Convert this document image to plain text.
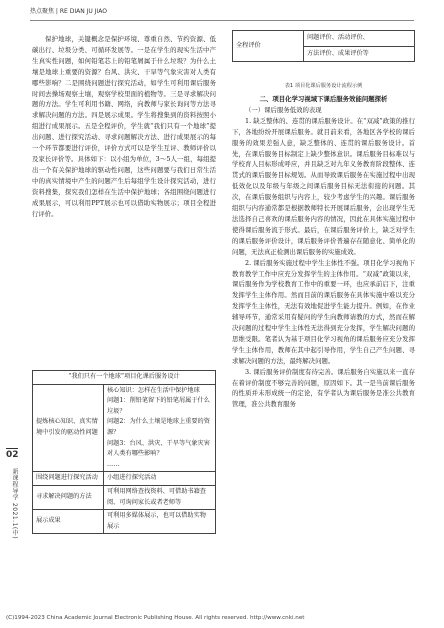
热点聚焦 | RE DIAN JU JIAO
02
新课程导学 2021.1(中)

保护地球，关键概念是保护环境、尊重自然、节约资源、低碳出行、垃圾分类、可循环发展等。一是在学生的现实生活中产生真实性问题，如何铅笔芯上的铅笔屑属于什么垃圾？为什么土壤是地球上重要的资源？台风、洪灾、干旱等气象灾害对人类有哪些影响？二是围绕问题进行探究活动，如学生可利用课后服务时间去操场观察土壤，观察学校里面的植物等。三是寻求解决问题的方法。学生可利用书籍、网络，向教师与家长询问等方法寻求解决问题的方法。四是展示成果。学生将搜集到的资料按照小组进行成果展示。五是全程评价，学生就“我们只有一个地球”提出问题、进行探究活动、寻求问题解决方法、进行成果展示的每一个环节都要进行评价，评价方式可以是学生互评、教师评价以及家长评价等。具体如下：以小组为单位，3～5人一组，每组提出一个有关保护地球的驱动性问题，这些问题要与我们日常生活中的真实情境中产生的问题产生后每组学生设计探究活动，进行资料搜集，探究我们怎样在生活中保护地球；各组围绕问题进行成果展示，可以利用PPT展示也可以借助实物展示；项目全程进行评价。

“我们只有一个地球”项目化课后服务设计	
提炼核心知识、真实情境中引发的驱动性问题	核心知识：怎样在生活中保护地球
问题1：削铅笔留下的铅笔屑属于什么垃圾？
问题2：为什么土壤是地球上重要的资源？
问题3：台风、洪灾、干旱等气象灾害对人类有哪些影响？
……
围绕问题进行探究活动	小组进行探究活动
寻求解决问题的方法	可利用网络查找资料、可借助书籍查阅、可询问家长或者老师等
展示成果	可利用多媒体展示，也可以借助实物展示
全程评价	问题评价、活动评价、
方法评价、成果评价等
表1 项目化课后服务设计流程示例

二、项目化学习视域下课后服务效能问题探析

（一）课后服务低效的表现

1. 缺乏整体的、连贯的课后服务设计。在“双减”政策的推行下，各地纷纷开展课后服务。就目前来看，各地区各学校的课后服务的效果差强人意，缺乏整体的、连贯的课后服务设计。首先，在课后服务目标制定上缺少整体意识。课后服务目标难以与学校育人目标形成呼应，并且缺乏对九年义务教育阶段整体、连贯式的课后服务目标规划。从而导致课后服务在实施过程中出现低效化以及年级与年级之间课后服务目标无法衔接的问题。其次，在课后服务组织与内容上，较少考虑学生的兴趣。课后服务组织与内容通常都是根据教师特长开展课后服务，会出现学生无法选择自己喜欢的课后服务内容的情况，因此在具体实施过程中使得课后服务流于形式。最后，在课后服务评价上，缺乏对学生的课后服务评价设计，课后服务评价普遍存在随意化、简单化的问题，无法真正检测出课后服务的实施成效。

2. 课后服务实施过程中学生主体性不强。项目化学习视角下教育教学工作中应充分发挥学生的主体作用。“双减”政策以来，课后服务作为学校教育工作中的重要一环，也应承前启下，注重发挥学生主体作用。然而目前的课后服务在具体实施中难以充分发挥学生主体性，无法有效地促进学生能力提升。例如，在作业辅导环节，通常采用有疑问的学生向教师请教的方式，然而在解决问题的过程中学生主体性无法得到充分发挥，学生解决问题的思维受限。笔者认为基于项目化学习视角的课后服务应充分发挥学生主体作用，教师在其中起引导作用，学生自己产生问题、寻求解决问题的方法，最终解决问题。

3. 课后服务评价制度有待完善。课后服务自实施以来一直存在着评价制度不够完善的问题，原因如下。其一是当前课后服务的性质并未形成统一的定论，有学者认为课后服务是准公共教育管理，准公共教育服务

(C)1994-2023 China Academic Journal Electronic Publishing House. All rights reserved. http://www.cnki.net
